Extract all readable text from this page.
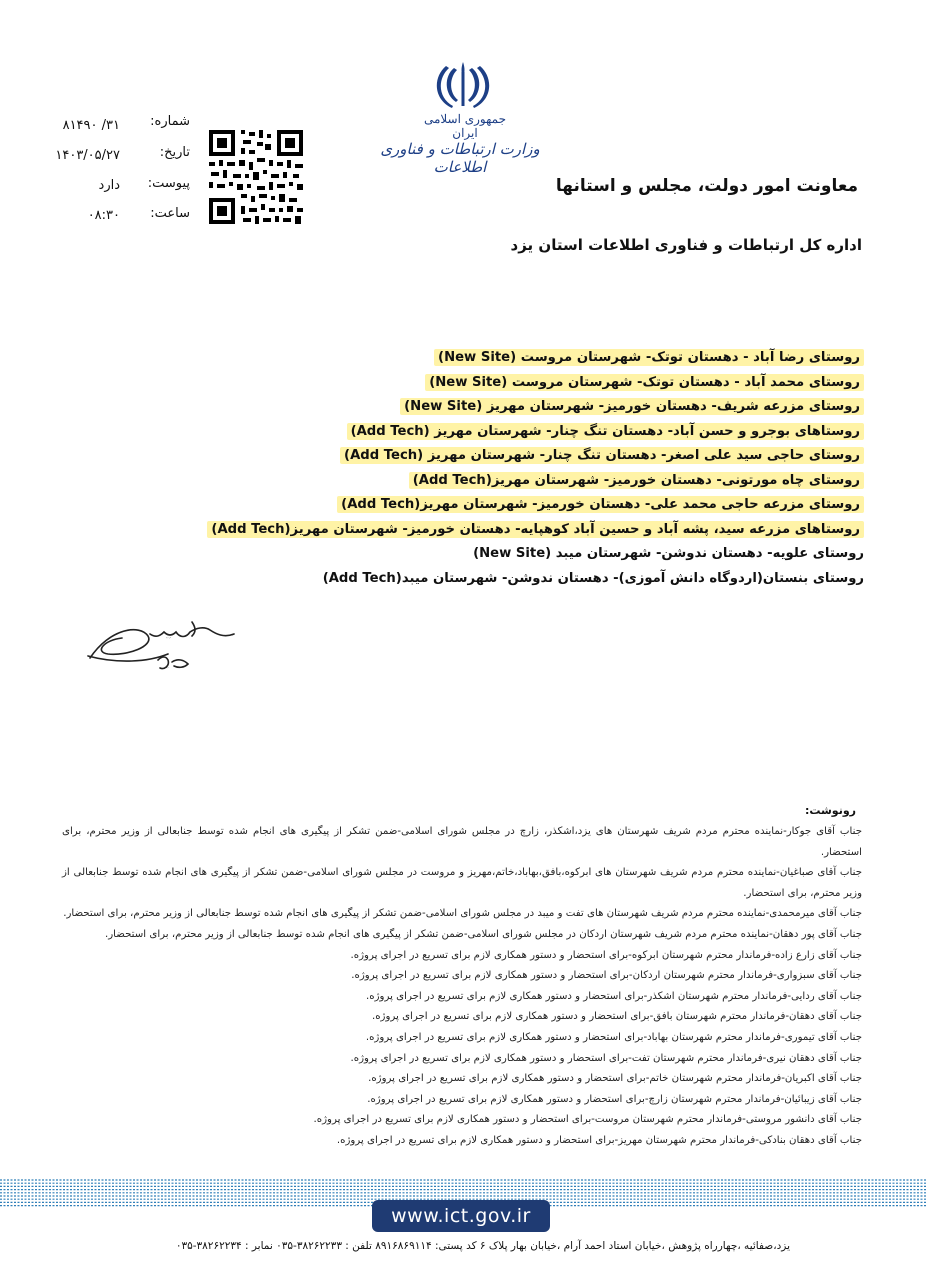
جمهوری اسلامی ایران
وزارت ارتباطات و فناوری اطلاعات
شماره:
۳۱/ ۸۱۴۹۰
تاریخ:
۱۴۰۳/۰۵/۲۷
پیوست:
دارد
ساعت:
۰۸:۳۰
معاونت امور دولت، مجلس و استانها
اداره کل ارتباطات و فناوری اطلاعات استان یزد
روستای رضا آباد - دهستان توتک- شهرستان مروست (New Site)
روستای محمد آباد - دهستان توتک- شهرستان مروست (New Site)
روستای مزرعه شریف- دهستان خورمیز- شهرستان مهریز (New Site)
روستاهای بوجرو و حسن آباد- دهستان تنگ چنار- شهرستان مهریز (Add Tech)
روستای حاجی سید علی اصغر- دهستان تنگ چنار- شهرستان مهریز (Add Tech)
روستای چاه مورتونی- دهستان خورمیز- شهرستان مهریز(Add Tech)
روستای مزرعه حاجی محمد علی- دهستان خورمیز- شهرستان مهریز(Add Tech)
روستاهای مزرعه سید، پشه آباد و حسین آباد کوهپایه- دهستان خورمیز- شهرستان مهریز(Add Tech)
روستای علویه- دهستان ندوشن- شهرستان میبد (New Site)
روستای بنستان(اردوگاه دانش آموزی)- دهستان ندوشن- شهرستان میبد(Add Tech)
اکرم هنرکار
مدیرکل
رونوشت:
جناب آقای جوکار-نماینده محترم مردم شریف شهرستان های یزد،اشکذر، زارچ در مجلس شورای اسلامی-ضمن تشکر از پیگیری های انجام شده توسط جنابعالی از وزیر محترم، برای استحضار.
جناب آقای صباغیان-نماینده محترم مردم شریف شهرستان های ابرکوه،بافق،بهاباد،خاتم،مهریز و مروست در مجلس شورای اسلامی-ضمن تشکر از پیگیری های انجام شده توسط جنابعالی از وزیر محترم، برای استحضار.
جناب آقای میرمحمدی-نماینده محترم مردم شریف شهرستان های تفت و میبد در مجلس شورای اسلامی-ضمن تشکر از پیگیری های انجام شده توسط جنابعالی از وزیر محترم، برای استحضار.
جناب آقای پور دهقان-نماینده محترم مردم شریف شهرستان اردکان در مجلس شورای اسلامی-ضمن تشکر از پیگیری های انجام شده توسط جنابعالی از وزیر محترم، برای استحضار.
جناب آقای زارع زاده-فرماندار محترم شهرستان ابرکوه-برای استحضار و دستور همکاری لازم برای تسریع در اجرای پروژه.
جناب آقای سبزواری-فرماندار محترم شهرستان اردکان-برای استحضار و دستور همکاری لازم برای تسریع در اجرای پروژه.
جناب آقای ردایی-فرماندار محترم شهرستان اشکذر-برای استحضار و دستور همکاری لازم برای تسریع در اجرای پروژه.
جناب آقای دهقان-فرماندار محترم شهرستان بافق-برای استحضار و دستور همکاری لازم برای تسریع در اجرای پروژه.
جناب آقای تیموری-فرماندار محترم شهرستان بهاباد-برای استحضار و دستور همکاری لازم برای تسریع در اجرای پروژه.
جناب آقای دهقان نیری-فرماندار محترم شهرستان تفت-برای استحضار و دستور همکاری لازم برای تسریع در اجرای پروژه.
جناب آقای اکبریان-فرماندار محترم شهرستان خاتم-برای استحضار و دستور همکاری لازم برای تسریع در اجرای پروژه.
جناب آقای زیبائیان-فرماندار محترم شهرستان زارچ-برای استحضار و دستور همکاری لازم برای تسریع در اجرای پروژه.
جناب آقای دانشور مروستی-فرماندار محترم شهرستان مروست-برای استحضار و دستور همکاری لازم برای تسریع در اجرای پروژه.
جناب آقای دهقان بنادکی-فرماندار محترم شهرستان مهریز-برای استحضار و دستور همکاری لازم برای تسریع در اجرای پروژه.
www.ict.gov.ir
یزد،صفائیه ،چهارراه پژوهش ،خیابان استاد احمد آرام ،خیابان بهار پلاک ۶ کد پستی: ۸۹۱۶۸۶۹۱۱۴ تلفن : ۳۸۲۶۲۲۳۳-۰۳۵ نمابر : ۳۸۲۶۲۲۳۴-۰۳۵
